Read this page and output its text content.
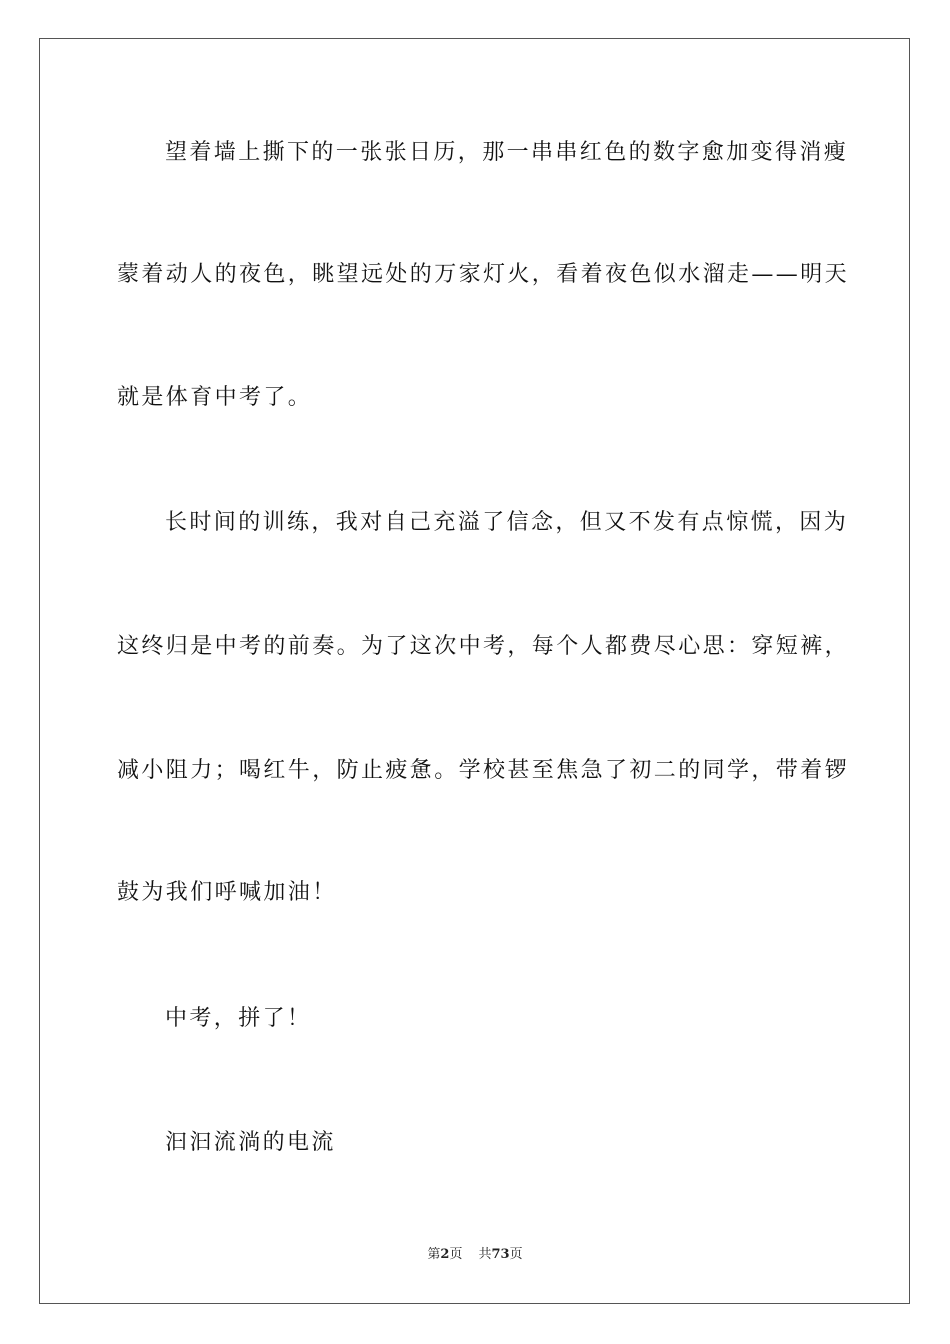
望着墙上撕下的一张张日历，那一串串红色的数字愈加变得消瘦
蒙着动人的夜色，眺望远处的万家灯火，看着夜色似水溜走——明天
就是体育中考了。
长时间的训练，我对自己充溢了信念，但又不发有点惊慌，因为
这终归是中考的前奏。为了这次中考，每个人都费尽心思：穿短裤，
减小阻力；喝红牛，防止疲惫。学校甚至焦急了初二的同学，带着锣
鼓为我们呼喊加油！
中考，拼了！
汩汩流淌的电流
第2页 共73页
